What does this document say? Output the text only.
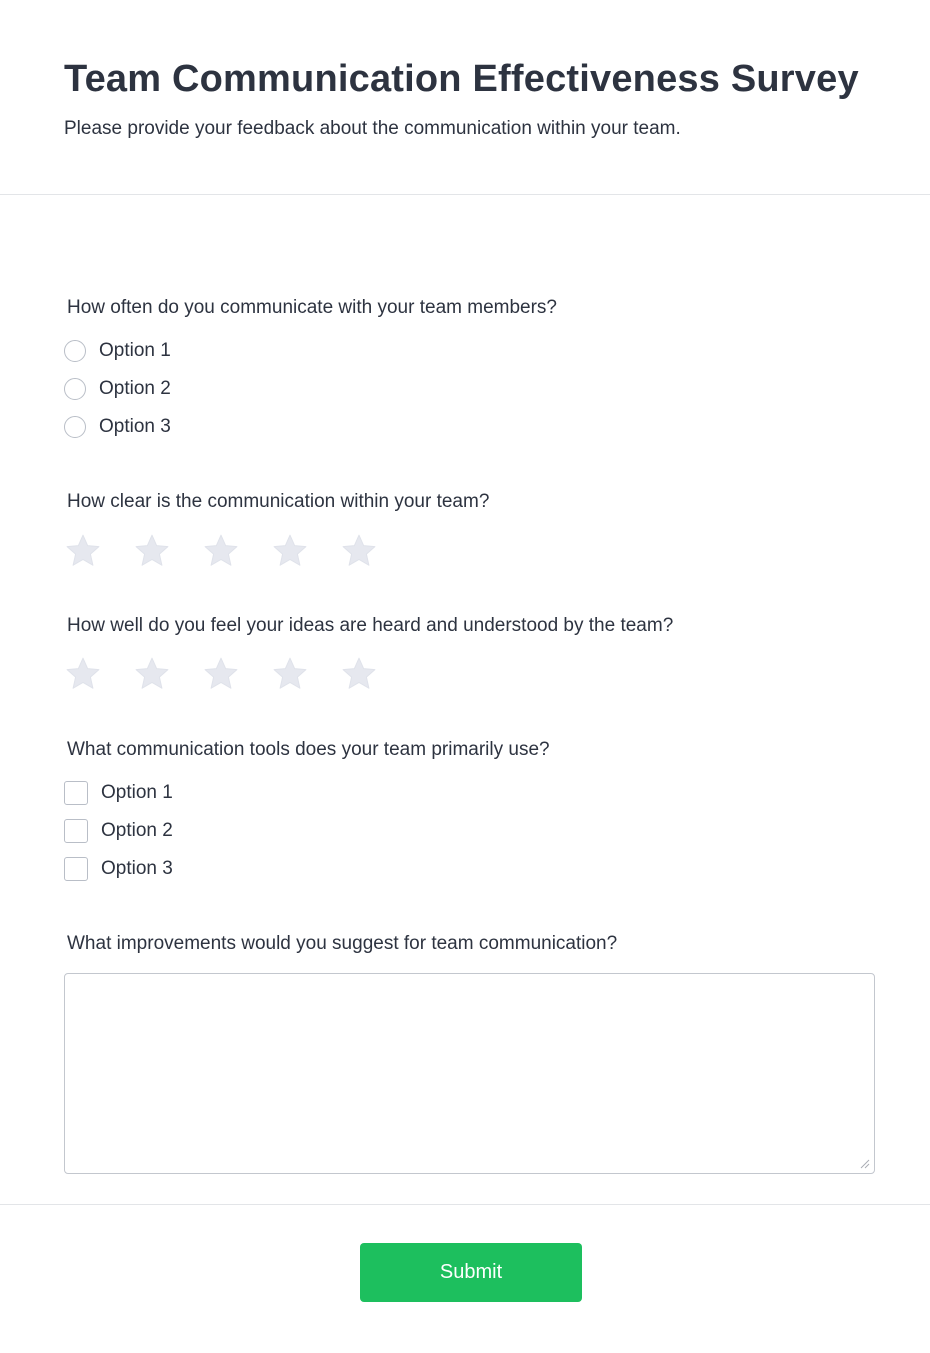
Team Communication Effectiveness Survey

Please provide your feedback about the communication within your team.

How often do you communicate with your team members?
Option 1
Option 2
Option 3
How clear is the communication within your team?
How well do you feel your ideas are heard and understood by the team?
What communication tools does your team primarily use?
Option 1
Option 2
Option 3
What improvements would you suggest for team communication?
Submit
